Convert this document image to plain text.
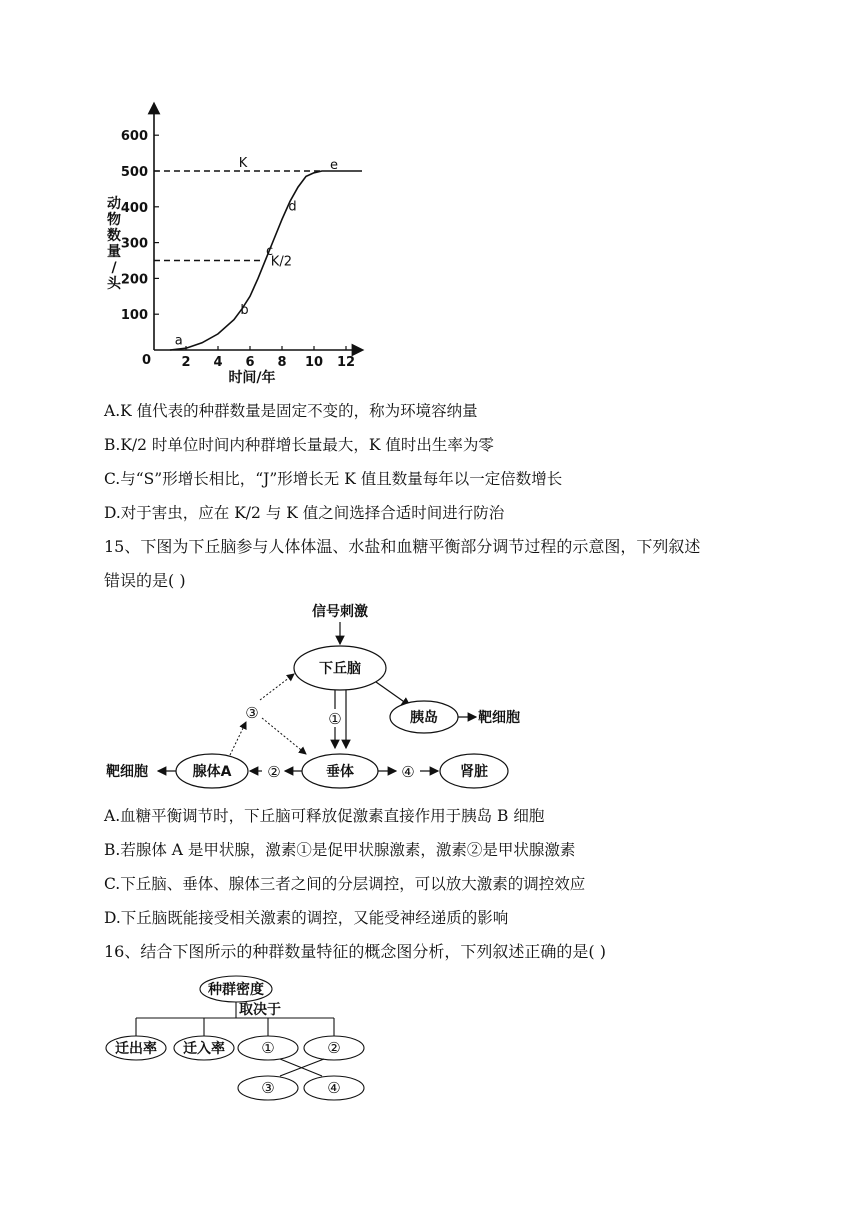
100
200
300
400
500
600
2 4 6 8 10 12
K
K/2
a
b
c
d
e
0
动物数量/头
时间/年
A.K 值代表的种群数量是固定不变的，称为环境容纳量
B.K/2 时单位时间内种群增长量最大，K 值时出生率为零
C.与“S”形增长相比，“J”形增长无 K 值且数量每年以一定倍数增长
D.对于害虫，应在 K/2 与 K 值之间选择合适时间进行防治
15、下图为下丘脑参与人体体温、水盐和血糖平衡部分调节过程的示意图，下列叙述
错误的是( )
信号刺激
下丘脑
胰岛	靶细胞
①
垂体	④	肾脏
②
腺体A
靶细胞
③
A.血糖平衡调节时，下丘脑可释放促激素直接作用于胰岛 B 细胞
B.若腺体 A 是甲状腺，激素①是促甲状腺激素，激素②是甲状腺激素
C.下丘脑、垂体、腺体三者之间的分层调控，可以放大激素的调控效应
D.下丘脑既能接受相关激素的调控，又能受神经递质的影响
16、结合下图所示的种群数量特征的概念图分析，下列叙述正确的是( )
种群密度
取决于
迁出率 迁入率 ①	②
③	④
